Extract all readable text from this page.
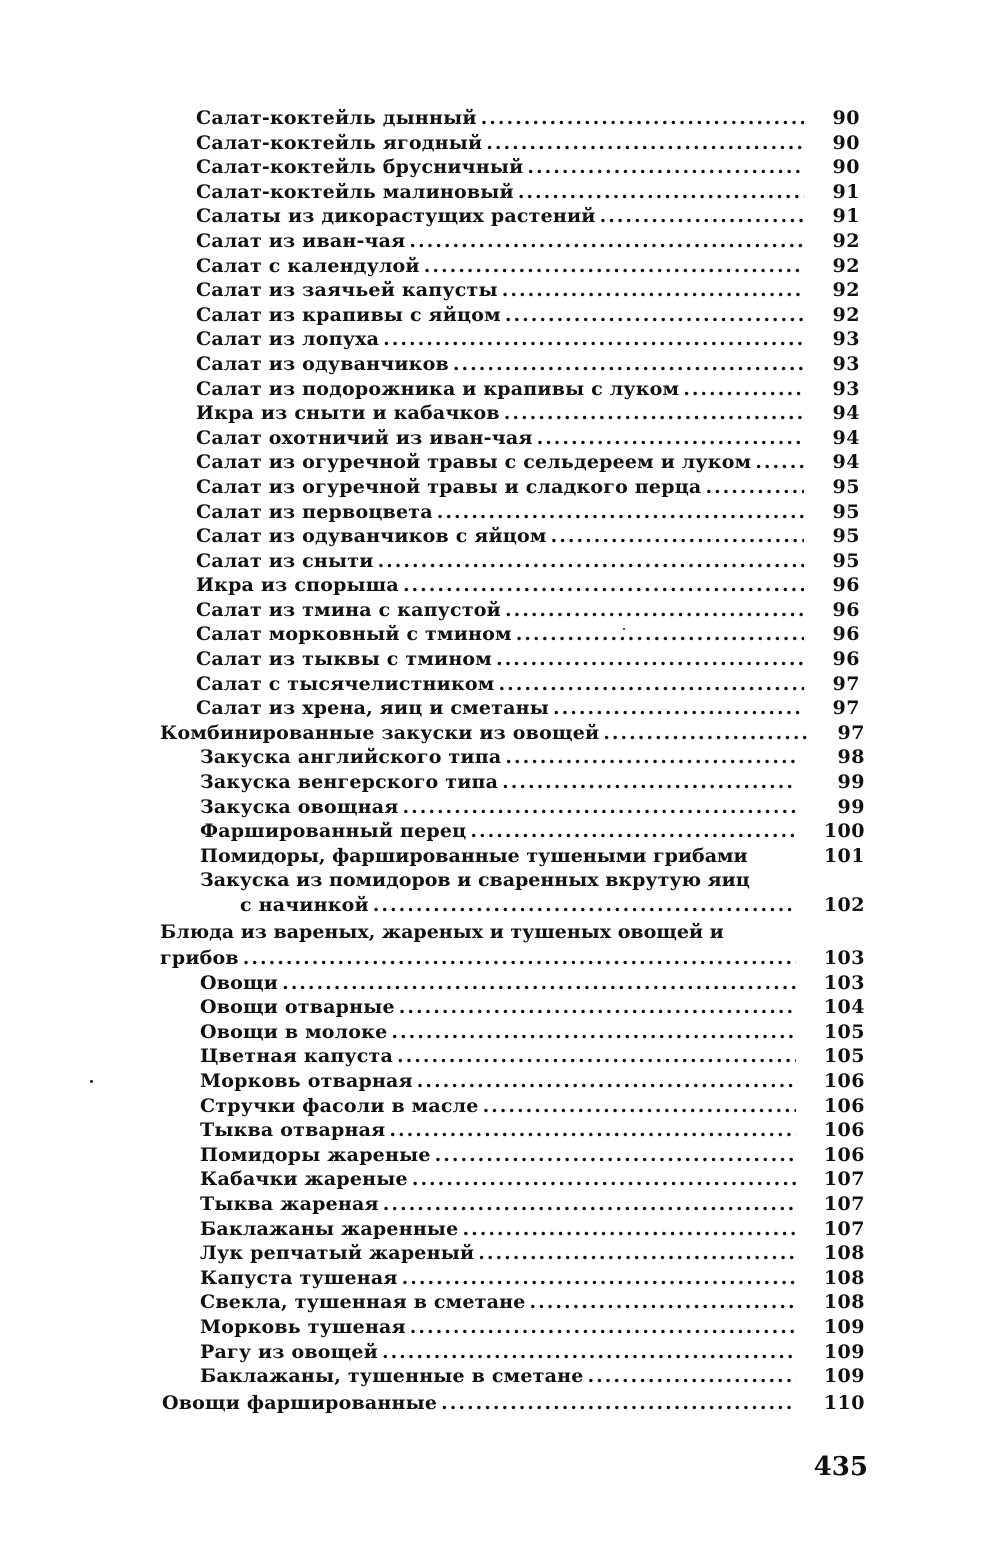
Салат-коктейль дынный .....	90
Салат-коктейль ягодный .....	90
Салат-коктейль брусничный .....	90
Салат-коктейль малиновый .....	91
Салаты из дикорастущих растений .....	91
Салат из иван-чая .....	92
Салат с календулой .....	92
Салат из заячьей капусты .....	92
Салат из крапивы с яйцом .....	92
Салат из лопуха .....	93
Салат из одуванчиков .....	93
Салат из подорожника и крапивы с луком .....	93
Икра из сныти и кабачков .....	94
Салат охотничий из иван-чая .....	94
Салат из огуречной травы с сельдереем и луком .....	94
Салат из огуречной травы и сладкого перца .....	95
Салат из первоцвета .....	95
Салат из одуванчиков с яйцом .....	95
Салат из сныти .....	95
Икра из спорыша .....	96
Салат из тмина с капустой .....	96
Салат морковный с тмином .....	96
Салат из тыквы с тмином .....	96
Салат с тысячелистником .....	97
Салат из хрена, яиц и сметаны .....	97
Комбинированные закуски из овощей .....	97
Закуска английского типа .....	98
Закуска венгерского типа .....	99
Закуска овощная .....	99
Фаршированный перец .....	100
Помидоры, фаршированные тушеными грибами	101
Закуска из помидоров и сваренных вкрутую яиц
с начинкой .....	102
Блюда из вареных, жареных и тушеных овощей и
грибов .....	103
Овощи .....	103
Овощи отварные .....	104
Овощи в молоке .....	105
Цветная капуста .....	105
Морковь отварная .....	106
Стручки фасоли в масле .....	106
Тыква отварная .....	106
Помидоры жареные .....	106
Кабачки жареные .....	107
Тыква жареная .....	107
Баклажаны жаренные .....	107
Лук репчатый жареный .....	108
Капуста тушеная .....	108
Свекла, тушенная в сметане .....	108
Морковь тушеная .....	109
Рагу из овощей .....	109
Баклажаны, тушенные в сметане .....	109
Овощи фаршированные .....	110
435
